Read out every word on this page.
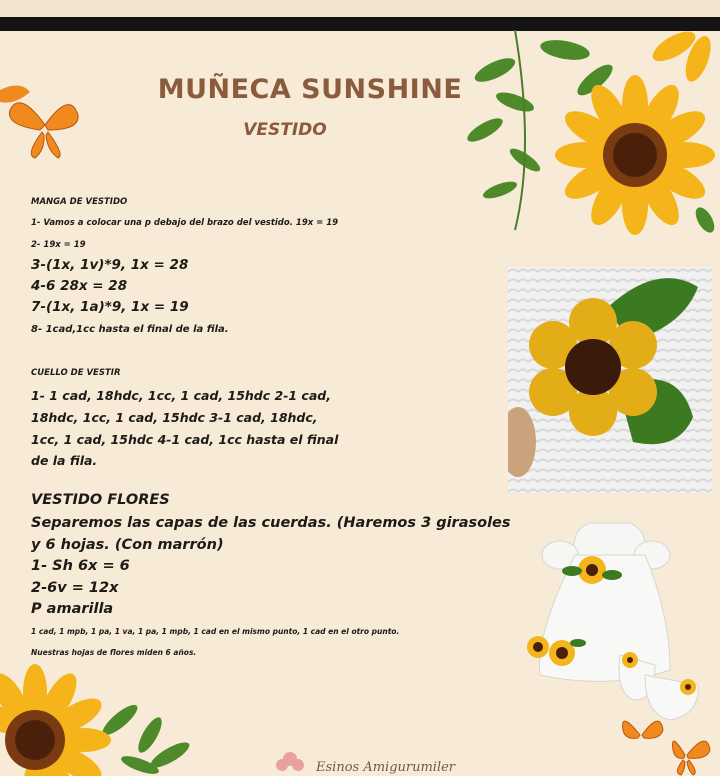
MUÑECA SUNSHINE
VESTIDO
MANGA DE VESTIDO
1- Vamos a colocar una p debajo del brazo del vestido. 19x = 19
2- 19x = 19
3-(1x, 1v)*9, 1x = 28
4-6 28x = 28
7-(1x, 1a)*9, 1x = 19
8- 1cad,1cc hasta el final de la fila.
CUELLO DE VESTIR
1- 1 cad, 18hdc, 1cc, 1 cad, 15hdc 2-1 cad,
18hdc, 1cc, 1 cad, 15hdc 3-1 cad, 18hdc,
1cc, 1 cad, 15hdc 4-1 cad, 1cc hasta el final
de la fila.
VESTIDO FLORES
Separemos las capas de las cuerdas. (Haremos 3 girasoles
y 6 hojas. (Con marrón)
1- Sh 6x = 6
2-6v = 12x
P amarilla
1 cad, 1 mpb, 1 pa, 1 va, 1 pa, 1 mpb, 1 cad en el mismo punto, 1 cad en el otro punto.
Nuestras hojas de flores miden 6 años.
Esinos Amigurumiler
